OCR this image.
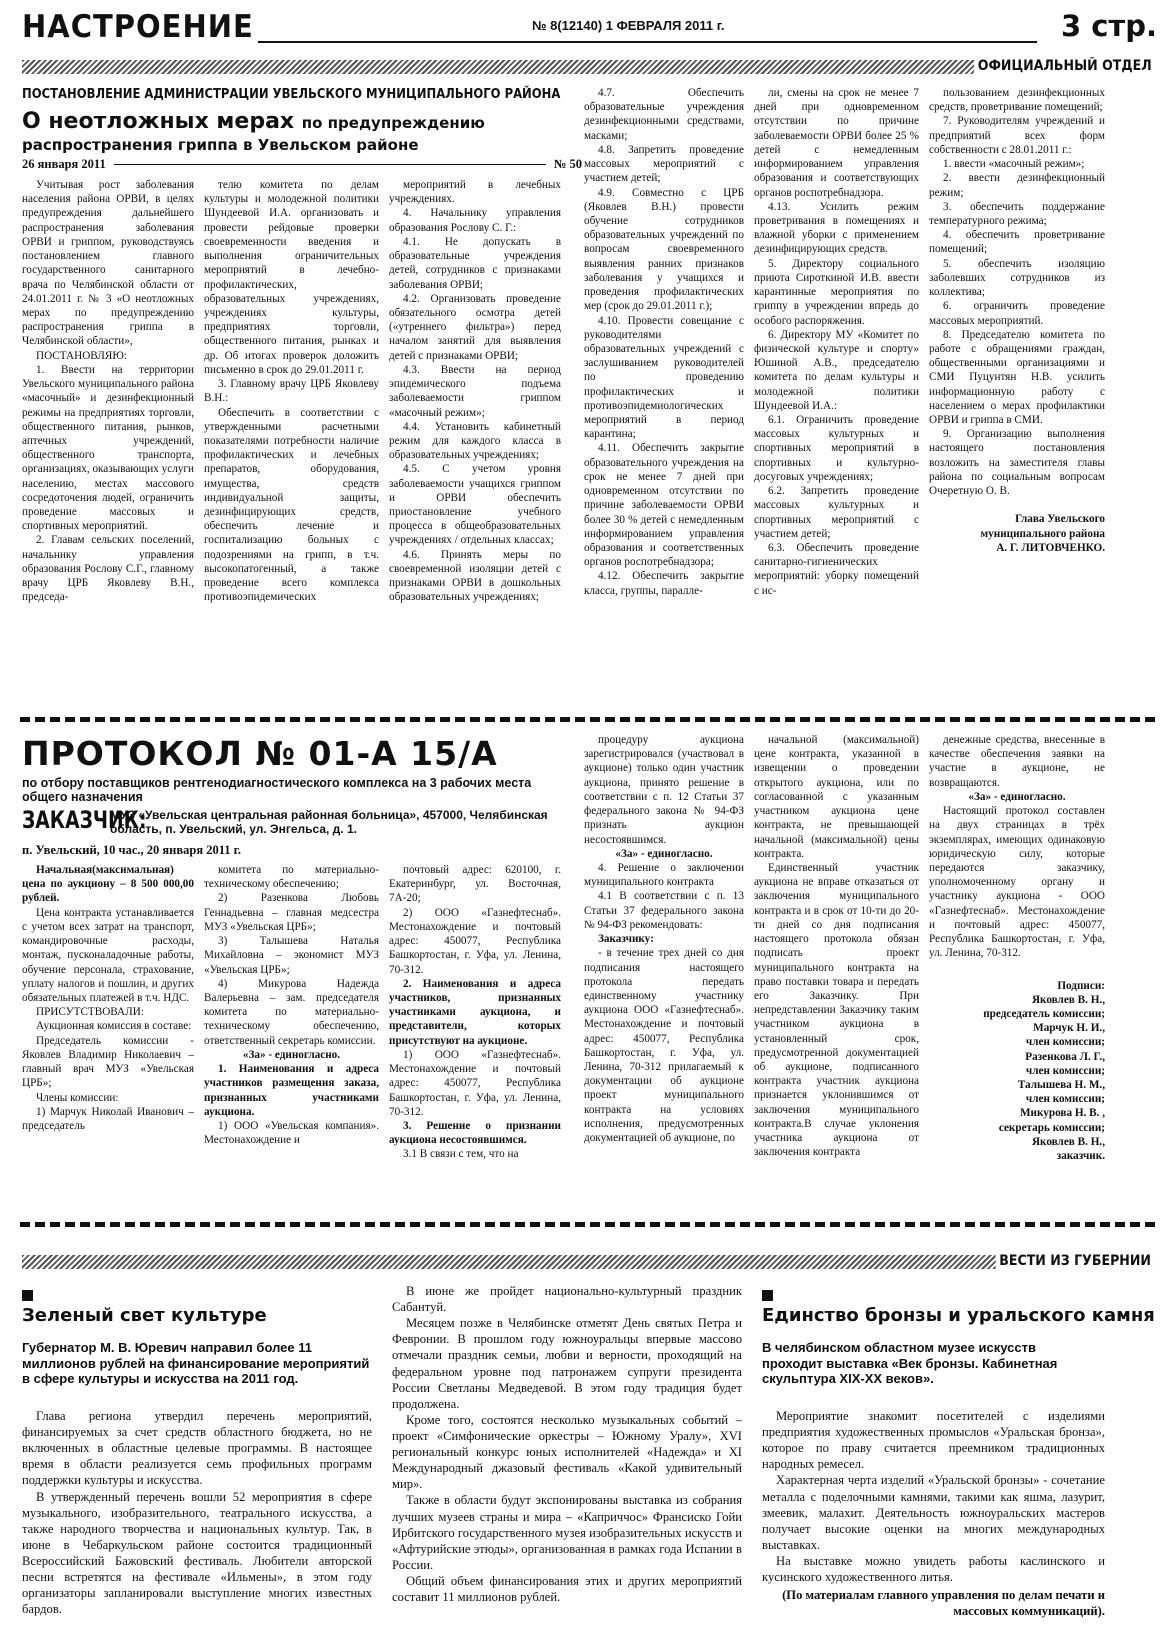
НАСТРОЕНИЕ	№ 8(12140) 1 ФЕВРАЛЯ 2011 г.	3 стр.
ОФИЦИАЛЬНЫЙ ОТДЕЛ
ПОСТАНОВЛЕНИЕ АДМИНИСТРАЦИИ УВЕЛЬСКОГО МУНИЦИПАЛЬНОГО РАЙОНА
О неотложных мерах по предупреждению
распространения гриппа в Увельском районе
26 января 2011	№ 50
Учитывая рост заболевания населения района ОРВИ, в целях предупреждения дальнейшего распространения заболевания ОРВИ и гриппом, руководствуясь постановлением главного государственного санитарного врача по Челябинской области от 24.01.2011 г. № 3 «О неотложных мерах по предупреждению распространения гриппа в Челябинской области»,
ПОСТАНОВЛЯЮ:
1. Ввести на территории Увельского муниципального района «масочный» и дезинфекционный режимы на предприятиях торговли, общественного питания, рынков, аптечных учреждений, общественного транспорта, организациях, оказывающих услуги населению, местах массового сосредоточения людей, ограничить проведение массовых и спортивных мероприятий.
2. Главам сельских поселений, начальнику управления образования Рослову С.Г., главному врачу ЦРБ Яковлеву В.Н., председа-
телю комитета по делам культуры и молодежной политики Шундеевой И.А. организовать и провести рейдовые проверки своевременности введения и выполнения ограничительных мероприятий в лечебно-профилактических, образовательных учреждениях, учреждениях культуры, предприятиях торговли, общественного питания, рынках и др. Об итогах проверок доложить письменно в срок до 29.01.2011 г.
3. Главному врачу ЦРБ Яковлеву В.Н.:
Обеспечить в соответствии с утвержденными расчетными показателями потребности наличие профилактических и лечебных препаратов, оборудования, имущества, средств индивидуальной защиты, дезинфицирующих средств, обеспечить лечение и госпитализацию больных с подозрениями на грипп, в т.ч. высокопатогенный, а также проведение всего комплекса противоэпидемических
мероприятий в лечебных учреждениях.
4. Начальнику управления образования Рослову С. Г.:
4.1. Не допускать в образовательные учреждения детей, сотрудников с признаками заболевания ОРВИ;
4.2. Организовать проведение обязательного осмотра детей («утреннего фильтра») перед началом занятий для выявления детей с признаками ОРВИ;
4.3. Ввести на период эпидемического подъема заболеваемости гриппом «масочный режим»;
4.4. Установить кабинетный режим для каждого класса в образовательных учреждениях;
4.5. С учетом уровня заболеваемости учащихся гриппом и ОРВИ обеспечить приостановление учебного процесса в общеобразовательных учреждениях / отдельных классах;
4.6. Принять меры по своевременной изоляции детей с признаками ОРВИ в дошкольных образовательных учреждениях;
4.7. Обеспечить образовательные учреждения дезинфекционными средствами, масками;
4.8. Запретить проведение массовых мероприятий с участием детей;
4.9. Совместно с ЦРБ (Яковлев В.Н.) провести обучение сотрудников образовательных учреждений по вопросам своевременного выявления ранних признаков заболевания у учащихся и проведения профилактических мер (срок до 29.01.2011 г.);
4.10. Провести совещание с руководителями образовательных учреждений с заслушиванием руководителей по проведению профилактических и противоэпидемиологических мероприятий в период карантина;
4.11. Обеспечить закрытие образовательного учреждения на срок не менее 7 дней при одновременном отсутствии по причине заболеваемости ОРВИ более 30 % детей с немедленным информированием управления образования и соответственных органов роспотребнадзора;
4.12. Обеспечить закрытие класса, группы, паралле-
ли, смены на срок не менее 7 дней при одновременном отсутствии по причине заболеваемости ОРВИ более 25 % детей с немедленным информированием управления образования и соответствующих органов роспотребнадзора.
4.13. Усилить режим проветривания в помещениях и влажной уборки с применением дезинфицирующих средств.
5. Директору социального приюта Сироткиной И.В. ввести карантинные мероприятия по гриппу в учреждении впредь до особого распоряжения.
6. Директору МУ «Комитет по физической культуре и спорту» Юшиной А.В., председателю комитета по делам культуры и молодежной политики Шундеевой И.А.:
6.1. Ограничить проведение массовых культурных и спортивных мероприятий в спортивных и культурно-досуговых учреждениях;
6.2. Запретить проведение массовых культурных и спортивных мероприятий с участием детей;
6.3. Обеспечить проведение санитарно-гигиенических мероприятий: уборку помещений с ис-
пользованием дезинфекционных средств, проветривание помещений;
7. Руководителям учреждений и предприятий всех форм собственности с 28.01.2011 г.:
1. ввести «масочный режим»;
2. ввести дезинфекционный режим;
3. обеспечить поддержание температурного режима;
4. обеспечить проветривание помещений;
5. обеспечить изоляцию заболевших сотрудников из коллектива;
6. ограничить проведение массовых мероприятий.
8. Председателю комитета по работе с обращениями граждан, общественными организациями и СМИ Пуцунтян Н.В. усилить информационную работу с населением о мерах профилактики ОРВИ и гриппа в СМИ.
9. Организацию выполнения настоящего постановления возложить на заместителя главы района по социальным вопросам Очеретную О. В.
Глава Увельского муниципального района
А. Г. ЛИТОВЧЕНКО.
ПРОТОКОЛ № 01-А 15/А
по отбору поставщиков рентгенодиагностического комплекса на 3 рабочих места общего назначения
ЗАКАЗЧИК:
МУЗ «Увельская центральная районная больница», 457000, Челябинская область, п. Увельский, ул. Энгельса, д. 1.
п. Увельский, 10 час., 20 января 2011 г.
Начальная(максимальная) цена по аукциону – 8 500 000,00 рублей.
Цена контракта устанавливается с учетом всех затрат на транспорт, командировочные расходы, монтаж, пусконаладочные работы, обучение персонала, страхование, уплату налогов и пошлин, и других обязательных платежей в т.ч. НДС.
ПРИСУТСТВОВАЛИ:
Аукционная комиссия в составе:
Председатель комиссии - Яковлев Владимир Николаевич – главный врач МУЗ «Увельская ЦРБ»;
Члены комиссии:
1) Марчук Николай Иванович – председатель
комитета по материально-техническому обеспечению;
2) Разенкова Любовь Геннадьевна – главная медсестра МУЗ «Увельская ЦРБ»;
3) Талышева Наталья Михайловна – экономист МУЗ «Увельская ЦРБ»;
4) Микурова Надежда Валерьевна – зам. председателя комитета по материально-техническому обеспечению, ответственный секретарь комиссии.
«За» - единогласно.
1. Наименования и адреса участников размещения заказа, признанных участниками аукциона.
1) ООО «Увельская компания». Местонахождение и
почтовый адрес: 620100, г. Екатеринбург, ул. Восточная, 7А-20;
2) ООО «Газнефтеснаб». Местонахождение и почтовый адрес: 450077, Республика Башкортостан, г. Уфа, ул. Ленина, 70-312.
2. Наименования и адреса участников, признанных участниками аукциона, и представители, которых присутствуют на аукционе.
1) ООО «Газнефтеснаб». Местонахождение и почтовый адрес: 450077, Республика Башкортостан, г. Уфа, ул. Ленина, 70-312.
3. Решение о признании аукциона несостоявшимся.
3.1 В связи с тем, что на
процедуру аукциона зарегистрировался (участвовал в аукционе) только один участник аукциона, принято решение в соответствии с п. 12 Статьи 37 федерального закона № 94-ФЗ признать аукцион несостоявшимся.
«За» - единогласно.
4. Решение о заключении муниципального контракта
4.1 В соответствии с п. 13 Статьи 37 федерального закона № 94-ФЗ рекомендовать:
Заказчику:
- в течение трех дней со дня подписания настоящего протокола передать единственному участнику аукциона ООО «Газнефтеснаб». Местонахождение и почтовый адрес: 450077, Республика Башкортостан, г. Уфа, ул. Ленина, 70-312 прилагаемый к документации об аукционе проект муниципального контракта на условиях исполнения, предусмотренных документацией об аукционе, по
начальной (максимальной) цене контракта, указанной в извещении о проведении открытого аукциона, или по согласованной с указанным участником аукциона цене контракта, не превышающей начальной (максимальной) цены контракта.
Единственный участник аукциона не вправе отказаться от заключения муниципального контракта и в срок от 10-ти до 20-ти дней со дня подписания настоящего протокола обязан подписать проект муниципального контракта на право поставки товара и передать его Заказчику. При непредставлении Заказчику таким участником аукциона в установленный срок, предусмотренной документацией об аукционе, подписанного контракта участник аукциона признается уклонившимся от заключения муниципального контракта.В случае уклонения участника аукциона от заключения контракта
денежные средства, внесенные в качестве обеспечения заявки на участие в аукционе, не возвращаются.
«За» - единогласно.
Настоящий протокол составлен на двух страницах в трёх экземплярах, имеющих одинаковую юридическую силу, которые передаются заказчику, уполномоченному органу и участнику аукциона - ООО «Газнефтеснаб». Местонахождение и почтовый адрес: 450077, Республика Башкортостан, г. Уфа, ул. Ленина, 70-312.
Подписи:
Яковлев В. Н.,
председатель комиссии;
Марчук Н. И.,
член комиссии;
Разенкова Л. Г.,
член комиссии;
Талышева Н. М.,
член комиссии;
Микурова Н. В. ,
секретарь комиссии;
Яковлев В. Н.,
заказчик.
ВЕСТИ ИЗ ГУБЕРНИИ
Зеленый свет культуре
Губернатор М. В. Юревич направил более 11 миллионов рублей на финансирование мероприятий в сфере культуры и искусства на 2011 год.
Глава региона утвердил перечень мероприятий, финансируемых за счет средств областного бюджета, но не включенных в областные целевые программы. В настоящее время в области реализуется семь профильных программ поддержки культуры и искусства.
В утвержденный перечень вошли 52 мероприятия в сфере музыкального, изобразительного, театрального искусства, а также народного творчества и национальных культур. Так, в июне в Чебаркульском районе состоится традиционный Всероссийский Бажовский фестиваль. Любители авторской песни встретятся на фестивале «Ильмены», в этом году организаторы запланировали выступление многих известных бардов.
В июне же пройдет национально-культурный праздник Сабантуй.
Месяцем позже в Челябинске отметят День святых Петра и Февронии. В прошлом году южноуральцы впервые массово отмечали праздник семьи, любви и верности, проходящий на федеральном уровне под патронажем супруги президента России Светланы Медведевой. В этом году традиция будет продолжена.
Кроме того, состоятся несколько музыкальных событий – проект «Симфонические оркестры – Южному Уралу», XVI региональный конкурс юных исполнителей «Надежда» и XI Международный джазовый фестиваль «Какой удивительный мир».
Также в области будут экспонированы выставка из собрания лучших музеев страны и мира – «Каприччос» Франсиско Гойи Ирбитского государственного музея изобразительных искусств и «Афтурийские этюды», организованная в рамках года Испании в России.
Общий объем финансирования этих и других мероприятий составит 11 миллионов рублей.
Единство бронзы и уральского камня
В челябинском областном музее искусств проходит выставка «Век бронзы. Кабинетная скульптура XIX-XX веков».
Мероприятие знакомит посетителей с изделиями предприятия художественных промыслов «Уральская бронза», которое по праву считается преемником традиционных народных ремесел.
Характерная черта изделий «Уральской бронзы» - сочетание металла с поделочными камнями, такими как яшма, лазурит, змеевик, малахит. Деятельность южноуральских мастеров получает высокие оценки на многих международных выставках.
На выставке можно увидеть работы каслинского и кусинского художественного литья.
(По материалам главного управления по делам печати и массовых коммуникаций).
